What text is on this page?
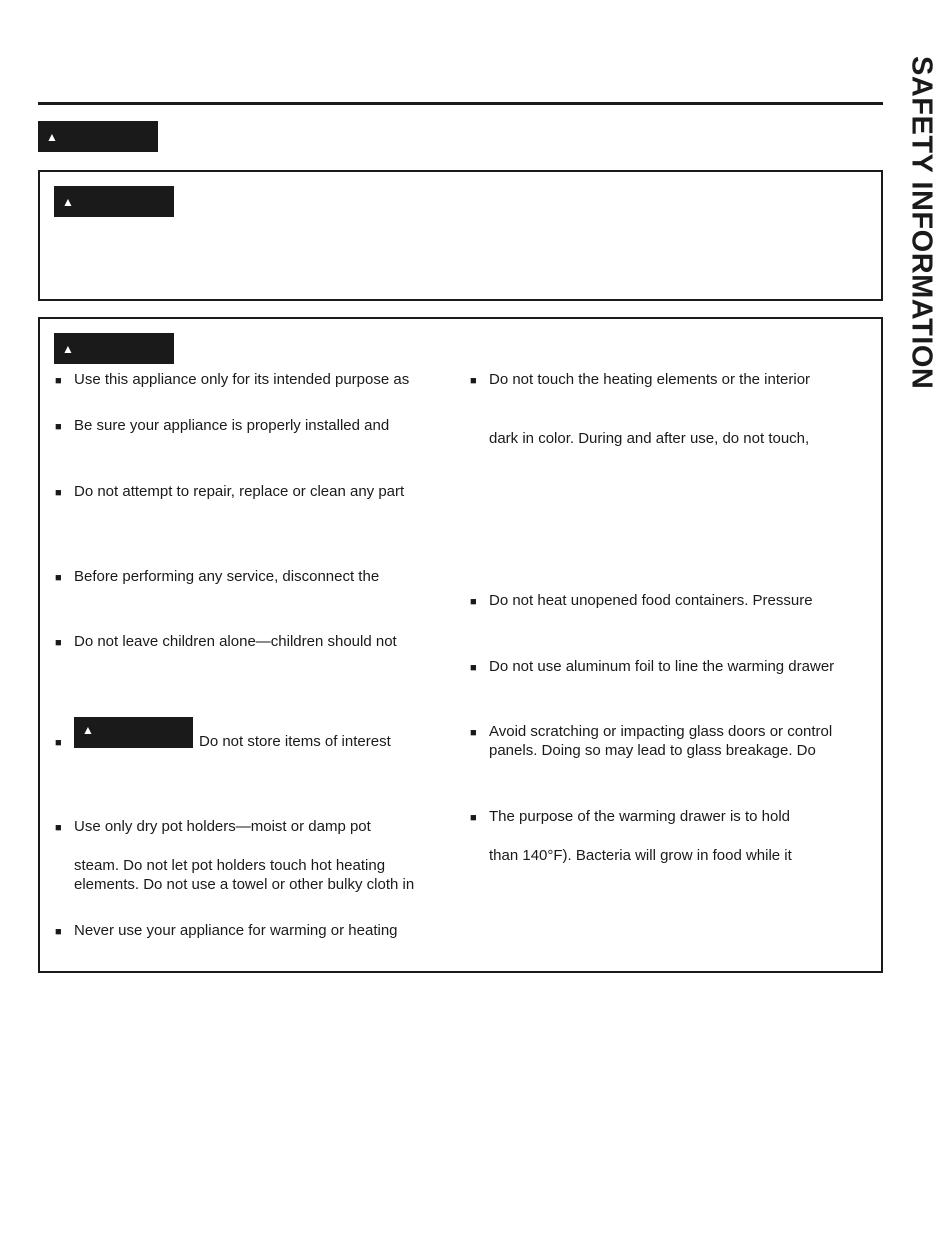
SAFETY INFORMATION
▲
▲
▲
■ Use this appliance only for its intended purpose as
■ Be sure your appliance is properly installed and
■ Do not attempt to repair, replace or clean any part
■ Before performing any service, disconnect the
■ Do not leave children alone—children should not
■
▲
Do not store items of interest
■ Use only dry pot holders—moist or damp pot
steam. Do not let pot holders touch hot heating
elements. Do not use a towel or other bulky cloth in
■ Never use your appliance for warming or heating
■ Do not touch the heating elements or the interior
dark in color. During and after use, do not touch,
■ Do not heat unopened food containers. Pressure
■ Do not use aluminum foil to line the warming drawer
■ Avoid scratching or impacting glass doors or control
panels. Doing so may lead to glass breakage. Do
■ The purpose of the warming drawer is to hold
than 140°F). Bacteria will grow in food while it
